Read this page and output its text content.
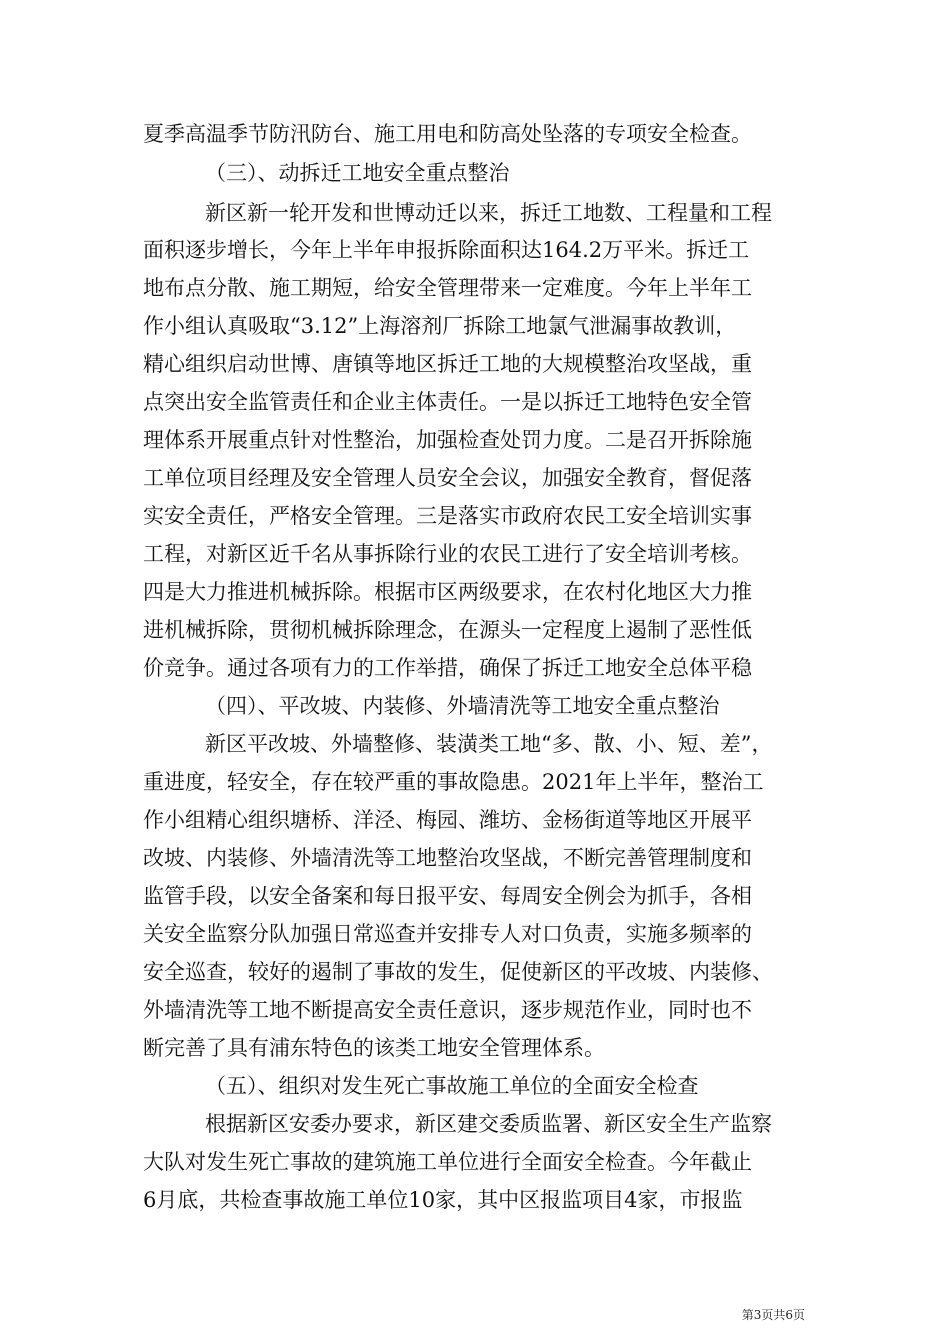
夏季高温季节防汛防台、施工用电和防高处坠落的专项安全检查。
（三）、动拆迁工地安全重点整治
新区新一轮开发和世博动迁以来，拆迁工地数、工程量和工程
面积逐步增长，今年上半年申报拆除面积达164.2万平米。拆迁工
地布点分散、施工期短，给安全管理带来一定难度。今年上半年工
作小组认真吸取“3.12”上海溶剂厂拆除工地氯气泄漏事故教训，
精心组织启动世博、唐镇等地区拆迁工地的大规模整治攻坚战，重
点突出安全监管责任和企业主体责任。一是以拆迁工地特色安全管
理体系开展重点针对性整治，加强检查处罚力度。二是召开拆除施
工单位项目经理及安全管理人员安全会议，加强安全教育，督促落
实安全责任，严格安全管理。三是落实市政府农民工安全培训实事
工程，对新区近千名从事拆除行业的农民工进行了安全培训考核。
四是大力推进机械拆除。根据市区两级要求，在农村化地区大力推
进机械拆除，贯彻机械拆除理念，在源头一定程度上遏制了恶性低
价竞争。通过各项有力的工作举措，确保了拆迁工地安全总体平稳
（四）、平改坡、内装修、外墙清洗等工地安全重点整治
新区平改坡、外墙整修、装潢类工地“多、散、小、短、差”，
重进度，轻安全，存在较严重的事故隐患。2021年上半年，整治工
作小组精心组织塘桥、洋泾、梅园、潍坊、金杨街道等地区开展平
改坡、内装修、外墙清洗等工地整治攻坚战，不断完善管理制度和
监管手段，以安全备案和每日报平安、每周安全例会为抓手，各相
关安全监察分队加强日常巡查并安排专人对口负责，实施多频率的
安全巡查，较好的遏制了事故的发生，促使新区的平改坡、内装修、
外墙清洗等工地不断提高安全责任意识，逐步规范作业，同时也不
断完善了具有浦东特色的该类工地安全管理体系。
（五）、组织对发生死亡事故施工单位的全面安全检查
根据新区安委办要求，新区建交委质监署、新区安全生产监察
大队对发生死亡事故的建筑施工单位进行全面安全检查。今年截止
6月底，共检查事故施工单位10家，其中区报监项目4家，市报监
第3页共6页
